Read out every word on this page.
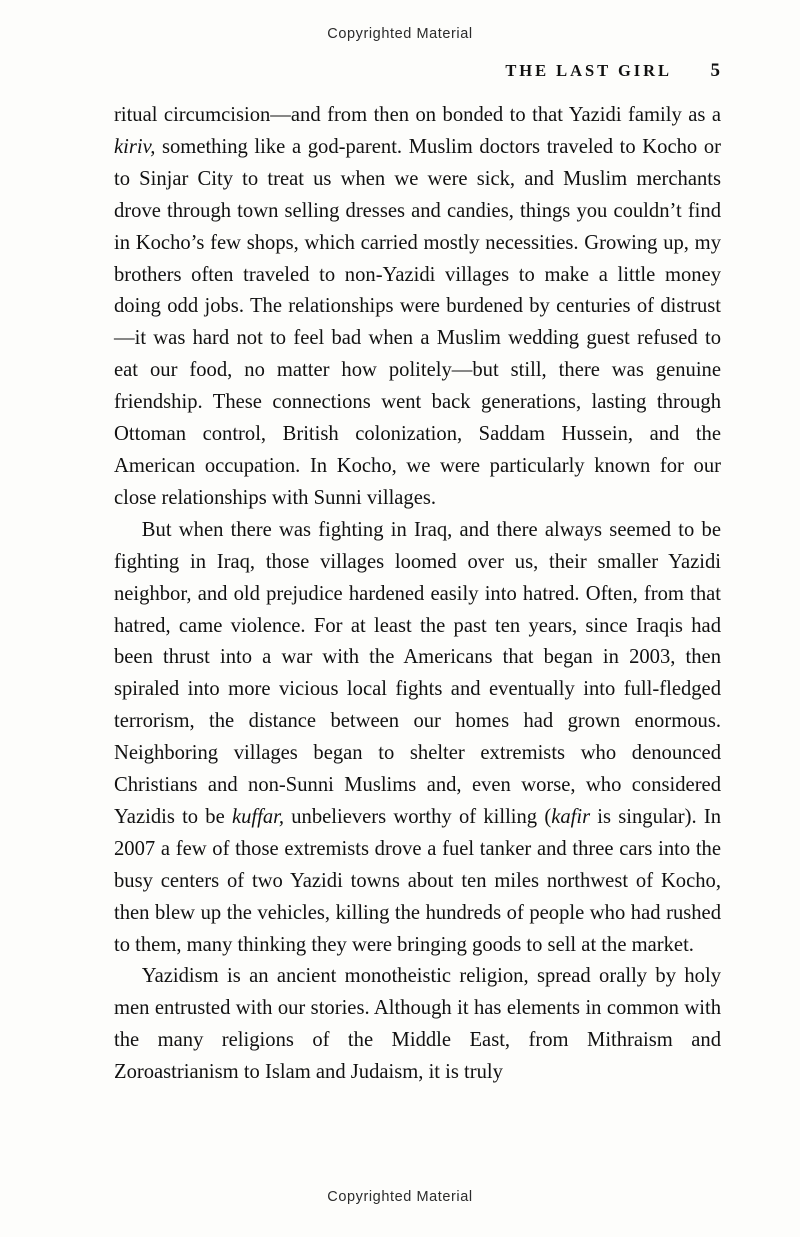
Copyrighted Material
THE LAST GIRL 5

ritual circumcision—and from then on bonded to that Yazidi family as a kiriv, something like a god-parent. Muslim doctors traveled to Kocho or to Sinjar City to treat us when we were sick, and Muslim merchants drove through town selling dresses and candies, things you couldn’t find in Kocho’s few shops, which carried mostly necessities. Growing up, my brothers often traveled to non-Yazidi villages to make a little money doing odd jobs. The relationships were burdened by centuries of distrust—it was hard not to feel bad when a Muslim wedding guest refused to eat our food, no matter how politely—but still, there was genuine friendship. These connections went back generations, lasting through Ottoman control, British colonization, Saddam Hussein, and the American occupation. In Kocho, we were particularly known for our close relationships with Sunni villages.

But when there was fighting in Iraq, and there always seemed to be fighting in Iraq, those villages loomed over us, their smaller Yazidi neighbor, and old prejudice hardened easily into hatred. Often, from that hatred, came violence. For at least the past ten years, since Iraqis had been thrust into a war with the Americans that began in 2003, then spiraled into more vicious local fights and eventually into full-fledged terrorism, the distance between our homes had grown enormous. Neighboring villages began to shelter extremists who denounced Christians and non-Sunni Muslims and, even worse, who considered Yazidis to be kuffar, unbelievers worthy of killing (kafir is singular). In 2007 a few of those extremists drove a fuel tanker and three cars into the busy centers of two Yazidi towns about ten miles northwest of Kocho, then blew up the vehicles, killing the hundreds of people who had rushed to them, many thinking they were bringing goods to sell at the market.

Yazidism is an ancient monotheistic religion, spread orally by holy men entrusted with our stories. Although it has elements in common with the many religions of the Middle East, from Mithraism and Zoroastrianism to Islam and Judaism, it is truly

Copyrighted Material
